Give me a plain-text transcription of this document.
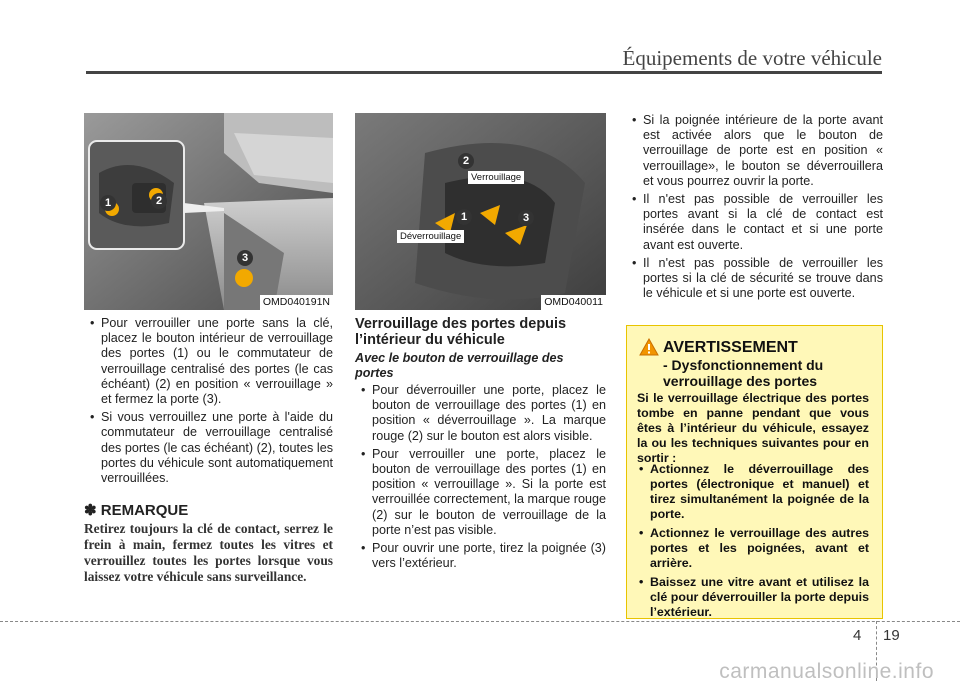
Équipements de votre véhicule
1	2
3
OMD040191N
1
2
3
Verrouillage
Déverrouillage
OMD040011
• Pour verrouiller une porte sans la clé, placez le bouton intérieur de verrouillage des portes (1) ou le commutateur de verrouillage centralisé des portes (le cas échéant) (2) en position « verrouillage » et fermez la porte (3).
• Si vous verrouillez une porte à l'aide du commutateur de verrouillage centralisé des portes (le cas échéant) (2), toutes les portes du véhicule sont automatiquement verrouillées.
✽ REMARQUE
Retirez toujours la clé de contact, serrez le frein à main, fermez toutes les vitres et verrouillez toutes les portes lorsque vous laissez votre véhicule sans surveillance.
Verrouillage des portes depuis l’intérieur du véhicule
Avec le bouton de verrouillage des portes
• Pour déverrouiller une porte, placez le bouton de verrouillage des portes (1) en position « déverrouillage ». La marque rouge (2) sur le bouton est alors visible.
• Pour verrouiller une porte, placez le bouton de verrouillage des portes (1) en position « verrouillage ». Si la porte est verrouillée correctement, la marque rouge (2) sur le bouton de verrouillage de la porte n’est pas visible.
• Pour ouvrir une porte, tirez la poignée (3) vers l’extérieur.
• Si la poignée intérieure de la porte avant est activée alors que le bouton de verrouillage de porte est en position « verrouillage», le bouton se déverrouillera et vous pourrez ouvrir la porte.
• Il n'est pas possible de verrouiller les portes avant si la clé de contact est insérée dans le contact et si une porte avant est ouverte.
• Il n'est pas possible de verrouiller les portes si la clé de sécurité se trouve dans le véhicule et si une porte est ouverte.
AVERTISSEMENT
- Dysfonctionnement du verrouillage des portes
Si le verrouillage électrique des portes tombe en panne pendant que vous êtes à l’intérieur du véhicule, essayez la ou les techniques suivantes pour en sortir :
• Actionnez le déverrouillage des portes (électronique et manuel) et tirez simultanément la poignée de la porte.
• Actionnez le verrouillage des autres portes et les poignées, avant et arrière.
• Baissez une vitre avant et utilisez la clé pour déverrouiller la porte depuis l’extérieur.
4 19
carmanualsonline.info
